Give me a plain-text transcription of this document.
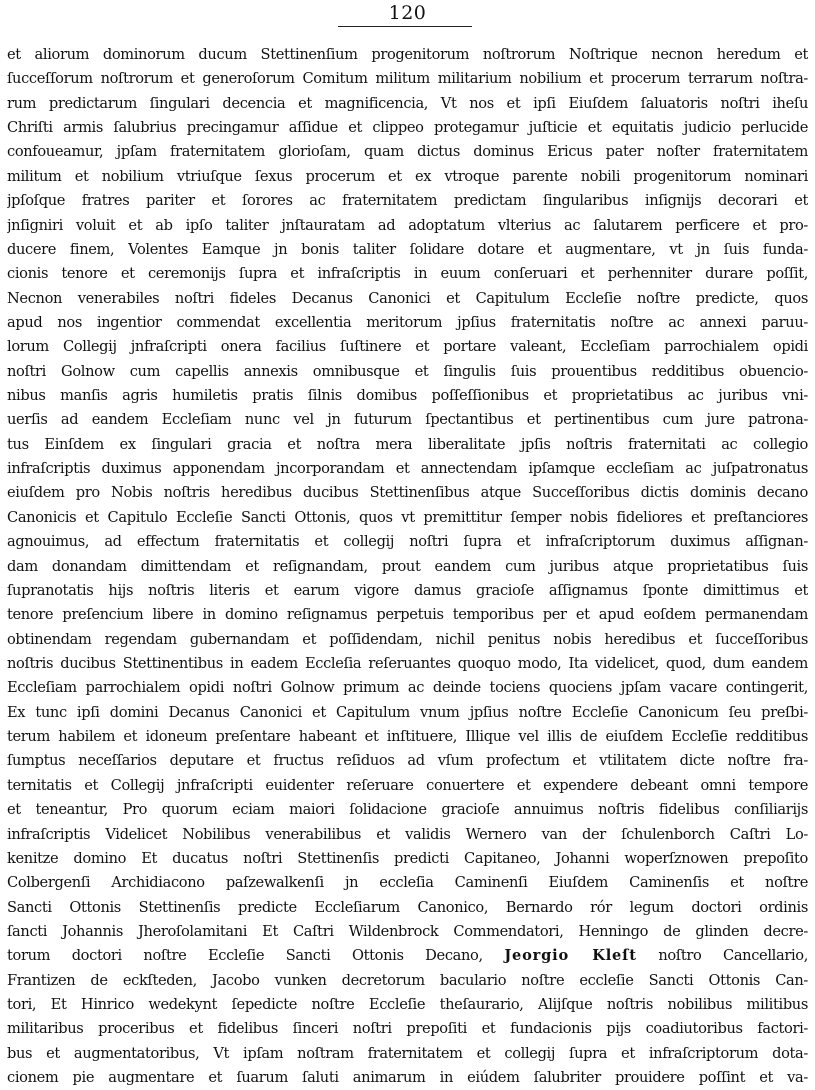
120
et aliorum dominorum ducum Stettinenſium progenitorum noſtrorum Noſtrique necnon heredum et
ſucceſſorum noſtrorum et generoſorum Comitum militum militarium nobilium et procerum terrarum noſtra-
rum predictarum ſingulari decencia et magnificencia, Vt nos et ipſi Eiuſdem ſaluatoris noſtri iheſu
Chriſti armis ſalubrius precingamur aſſidue et clippeo protegamur juſticie et equitatis judicio perlucide
confoueamur, jpſam fraternitatem glorioſam, quam dictus dominus Ericus pater noſter fraternitatem
militum et nobilium vtriuſque ſexus procerum et ex vtroque parente nobili progenitorum nominari
jpſoſque fratres pariter et ſorores ac fraternitatem predictam ſingularibus inſignijs decorari et
jnſigniri voluit et ab ipſo taliter jnſtauratam ad adoptatum vlterius ac ſalutarem perficere et pro-
ducere finem, Volentes Eamque jn bonis taliter ſolidare dotare et augmentare, vt jn ſuis funda-
cionis tenore et ceremonijs ſupra et infraſcriptis in euum conſeruari et perhenniter durare poſſit,
Necnon venerabiles noſtri fideles Decanus Canonici et Capitulum Eccleſie noſtre predicte, quos
apud nos ingentior commendat excellentia meritorum jpſius fraternitatis noſtre ac annexi paruu-
lorum Collegij jnfraſcripti onera facilius ſuſtinere et portare valeant, Eccleſiam parrochialem opidi
noſtri Golnow cum capellis annexis omnibusque et ſingulis ſuis prouentibus redditibus obuencio-
nibus manſis agris humiletis pratis ſilnis domibus poſſeſſionibus et proprietatibus ac juribus vni-
uerſis ad eandem Eccleſiam nunc vel jn futurum ſpectantibus et pertinentibus cum jure patrona-
tus Einſdem ex ſingulari gracia et noſtra mera liberalitate jpſis noſtris fraternitati ac collegio
infraſcriptis duximus apponendam jncorporandam et annectendam ipſamque eccleſiam ac juſpatronatus
eiuſdem pro Nobis noſtris heredibus ducibus Stettinenſibus atque Succeſſoribus dictis dominis decano
Canonicis et Capitulo Eccleſie Sancti Ottonis, quos vt premittitur ſemper nobis fideliores et preſtanciores
agnouimus, ad effectum fraternitatis et collegij noſtri ſupra et infraſcriptorum duximus aſſignan-
dam donandam dimittendam et reſignandam, prout eandem cum juribus atque proprietatibus ſuis
ſupranotatis hijs noſtris literis et earum vigore damus gracioſe aſſignamus ſponte dimittimus et
tenore preſencium libere in domino reſignamus perpetuis temporibus per et apud eoſdem permanendam
obtinendam regendam gubernandam et poſſidendam, nichil penitus nobis heredibus et ſucceſſoribus
noſtris ducibus Stettinentibus in eadem Eccleſia reſeruantes quoquo modo, Ita videlicet, quod, dum eandem
Eccleſiam parrochialem opidi noſtri Golnow primum ac deinde tociens quociens jpſam vacare contingerit,
Ex tunc ipſi domini Decanus Canonici et Capitulum vnum jpſius noſtre Eccleſie Canonicum ſeu preſbi-
terum habilem et idoneum preſentare habeant et inſtituere, Illique vel illis de eiuſdem Eccleſie redditibus
ſumptus neceſſarios deputare et fructus reſiduos ad vſum profectum et vtilitatem dicte noſtre fra-
ternitatis et Collegij jnfraſcripti euidenter reſeruare conuertere et expendere debeant omni tempore
et teneantur, Pro quorum eciam maiori ſolidacione gracioſe annuimus noſtris fidelibus conſiliarijs
infraſcriptis Videlicet Nobilibus venerabilibus et validis Wernero van der ſchulenborch Caſtri Lo-
kenitze domino Et ducatus noſtri Stettinenſis predicti Capitaneo, Johanni woperſznowen prepoſito
Colbergenſi Archidiacono paſzewalkenſi jn eccleſia Caminenſi Eiuſdem Caminenſis et noſtre
Sancti Ottonis Stettinenſis predicte Eccleſiarum Canonico, Bernardo rór legum doctori ordinis
ſancti Johannis Jheroſolamitani Et Caſtri Wildenbrock Commendatori, Henningo de glinden decre-
torum doctori noſtre Eccleſie Sancti Ottonis Decano, Jeorgio Kleſt noſtro Cancellario,
Frantizen de eckſteden, Jacobo vunken decretorum baculario noſtre eccleſie Sancti Ottonis Can-
tori, Et Hinrico wedekynt ſepedicte noſtre Eccleſie theſaurario, Alijſque noſtris nobilibus militibus
militaribus proceribus et fidelibus ſinceri noſtri prepoſiti et fundacionis pijs coadiutoribus factori-
bus et augmentatoribus, Vt ipſam noſtram fraternitatem et collegij ſupra et infraſcriptorum dota-
cionem pie augmentare et ſuarum ſaluti animarum in eiúdem ſalubriter prouidere poſſint et va-
